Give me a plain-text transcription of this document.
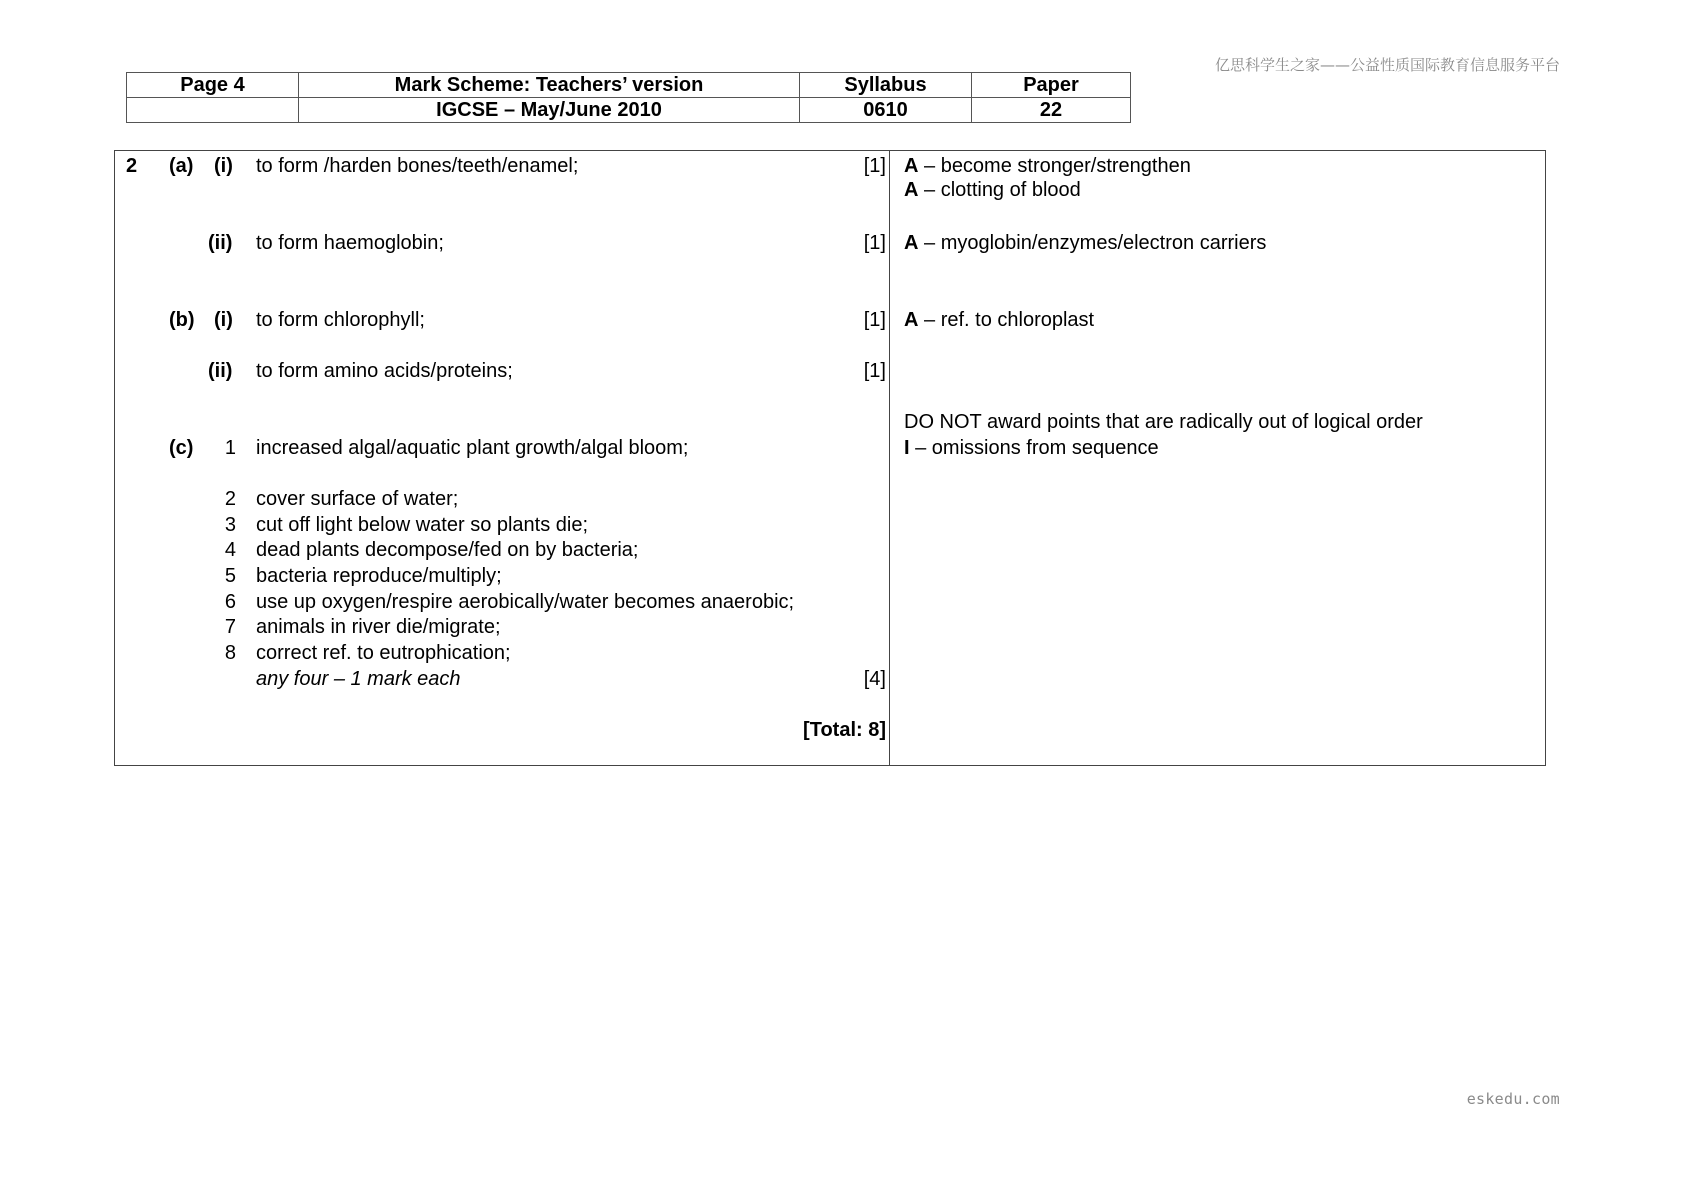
亿思科学生之家——公益性质国际教育信息服务平台
eskedu.com
Page 4	Mark Scheme: Teachers’ version	Syllabus	Paper
	IGCSE – May/June 2010	0610	22
2 (a) (i) to form /harden bones/teeth/enamel;	[1] A – become stronger/strengthen
A – clotting of blood
(ii) to form haemoglobin;	[1] A – myoglobin/enzymes/electron carriers
(b) (i) to form chlorophyll;	[1] A – ref. to chloroplast
(ii) to form amino acids/proteins;	[1]
DO NOT award points that are radically out of logical order
I – omissions from sequence
(c)	1 increased algal/aquatic plant growth/algal bloom;
2 cover surface of water;
3 cut off light below water so plants die;
4 dead plants decompose/fed on by bacteria;
5 bacteria reproduce/multiply;
6 use up oxygen/respire aerobically/water becomes anaerobic;
7 animals in river die/migrate;
8 correct ref. to eutrophication;
any four – 1 mark each	[4]
[Total: 8]
